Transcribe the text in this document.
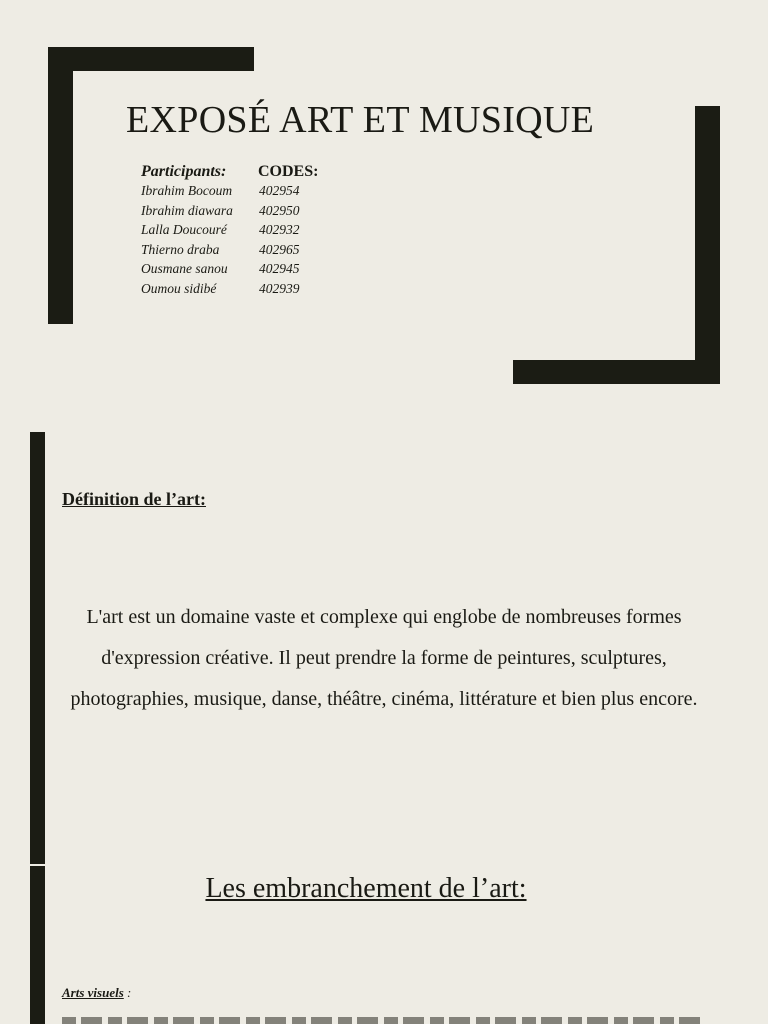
EXPOSÉ ART ET MUSIQUE
Participants: CODES:
Ibrahim Bocoum 402954
Ibrahim diawara 402950
Lalla Doucouré 402932
Thierno draba	402965
Ousmane sanou 402945
Oumou sidibé	402939
Définition de l’art:
L'art est un domaine vaste et complexe qui englobe de nombreuses formes d'expression créative. Il peut prendre la forme de peintures, sculptures, photographies, musique, danse, théâtre, cinéma, littérature et bien plus encore.
Les embranchement de l’art:
Arts visuels :
